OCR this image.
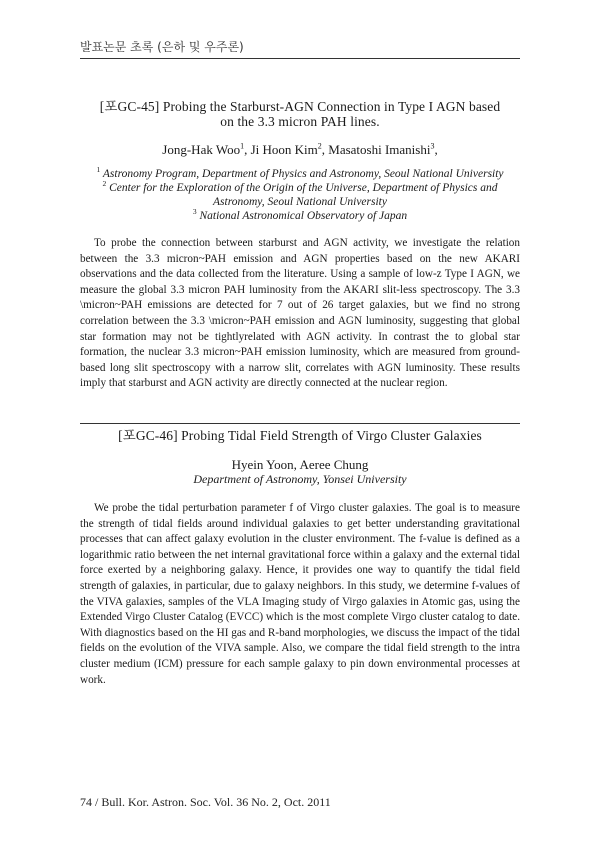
발표논문 초록 (은하 및 우주론)
[포GC-45] Probing the Starburst-AGN Connection in Type I AGN based
on the 3.3 micron PAH lines.
Jong-Hak Woo$^1$, Ji Hoon Kim$^2$, Masatoshi Imanishi$^3$,
$^1$ Astronomy Program, Department of Physics and Astronomy, Seoul National University
$^2$ Center for the Exploration of the Origin of the Universe, Department of Physics and
Astronomy, Seoul National University
$^3$ National Astronomical Observatory of Japan

To probe the connection between starburst and AGN activity, we investigate the relation between the 3.3 micron~PAH emission and AGN properties based on the new AKARI observations and the data collected from the literature. Using a sample of low-z Type I AGN, we measure the global 3.3 micron PAH luminosity from the AKARI slit-less spectroscopy. The 3.3 \micron~PAH emissions are detected for 7 out of 26 target galaxies, but we find no strong correlation between the 3.3 \micron~PAH emission and AGN luminosity, suggesting that global star formation may not be tightlyrelated with AGN activity. In contrast the to global star formation, the nuclear 3.3 micron~PAH emission luminosity, which are measured from ground-based long slit spectroscopy with a narrow slit, correlates with AGN luminosity. These results imply that starburst and AGN activity are directly connected at the nuclear region.

[포GC-46] Probing Tidal Field Strength of Virgo Cluster Galaxies
Hyein Yoon, Aeree Chung
Department of Astronomy, Yonsei University

We probe the tidal perturbation parameter f of Virgo cluster galaxies. The goal is to measure the strength of tidal fields around individual galaxies to get better understanding gravitational processes that can affect galaxy evolution in the cluster environment. The f-value is defined as a logarithmic ratio between the net internal gravitational force within a galaxy and the external tidal force exerted by a neighboring galaxy. Hence, it provides one way to quantify the tidal field strength of galaxies, in particular, due to galaxy neighbors. In this study, we determine f-values of the VIVA galaxies, samples of the VLA Imaging study of Virgo galaxies in Atomic gas, using the Extended Virgo Cluster Catalog (EVCC) which is the most complete Virgo cluster catalog to date. With diagnostics based on the HI gas and R-band morphologies, we discuss the impact of the tidal fields on the evolution of the VIVA sample. Also, we compare the tidal field strength to the intra cluster medium (ICM) pressure for each sample galaxy to pin down environmental processes at work.

74 / Bull. Kor. Astron. Soc. Vol. 36 No. 2, Oct. 2011
